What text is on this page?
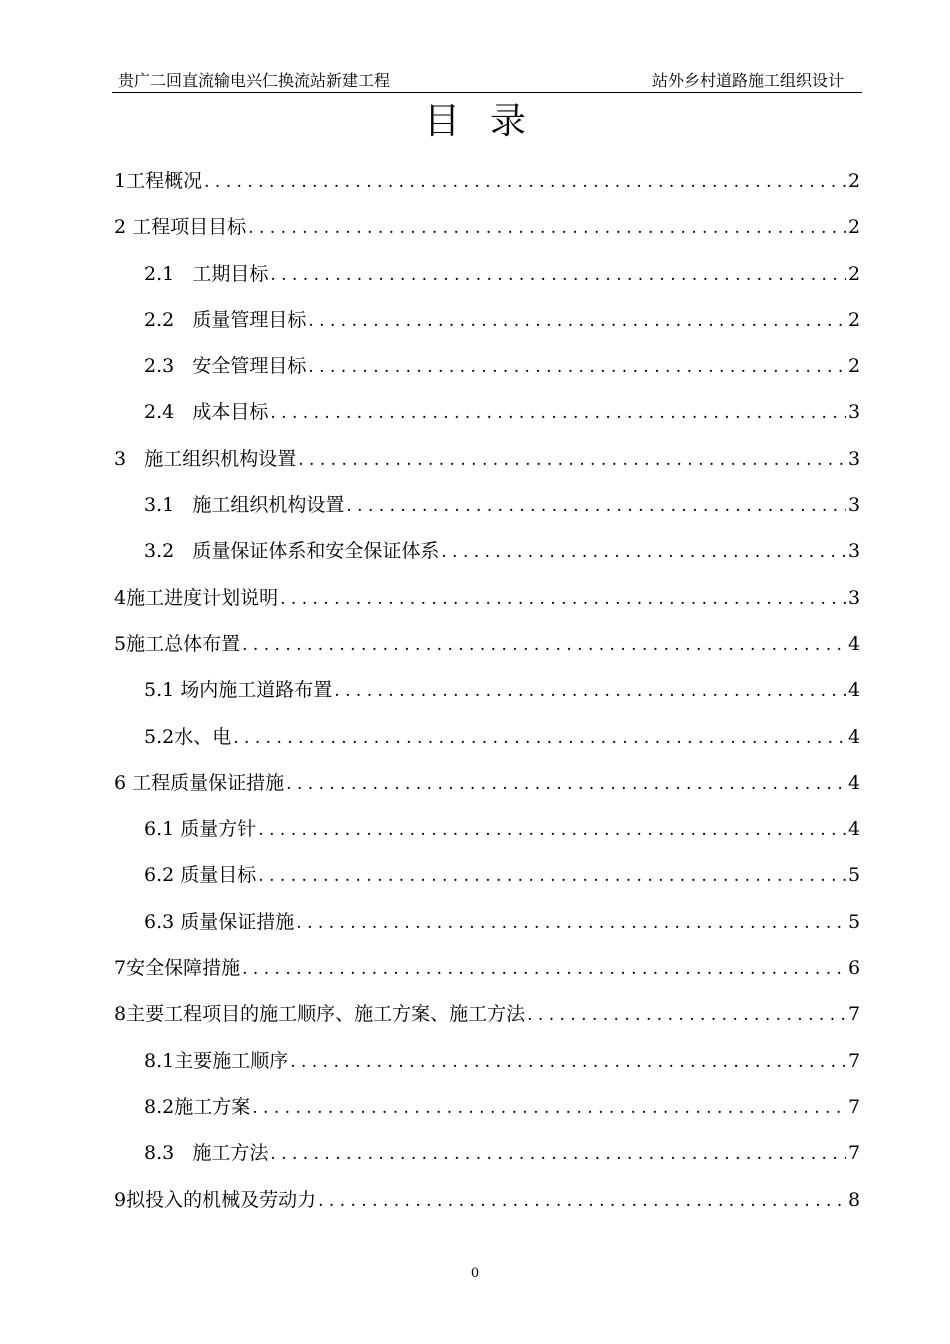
贵广二回直流输电兴仁换流站新建工程	站外乡村道路施工组织设计
目录
1工程概况 . . .	2
2 工程项目目标 . . .	2
2.1   工期目标 . . .	2
2.2   质量管理目标 . . .	2
2.3   安全管理目标 . . .	2
2.4   成本目标 . . .	3
3   施工组织机构设置 . . .	3
3.1   施工组织机构设置 . . .	3
3.2   质量保证体系和安全保证体系 . . .	3
4施工进度计划说明 . . .	3
5施工总体布置 . . .	4
5.1 场内施工道路布置 . . .	4
5.2水、电 . . .	4
6 工程质量保证措施 . . .	4
6.1 质量方针 . . .	4
6.2 质量目标 . . .	5
6.3 质量保证措施 . . .	5
7安全保障措施 . . .	6
8主要工程项目的施工顺序、施工方案、施工方法 . . .	7
8.1主要施工顺序 . . .	7
8.2施工方案 . . .	7
8.3   施工方法 . . .	7
9拟投入的机械及劳动力 . . .	8
0
